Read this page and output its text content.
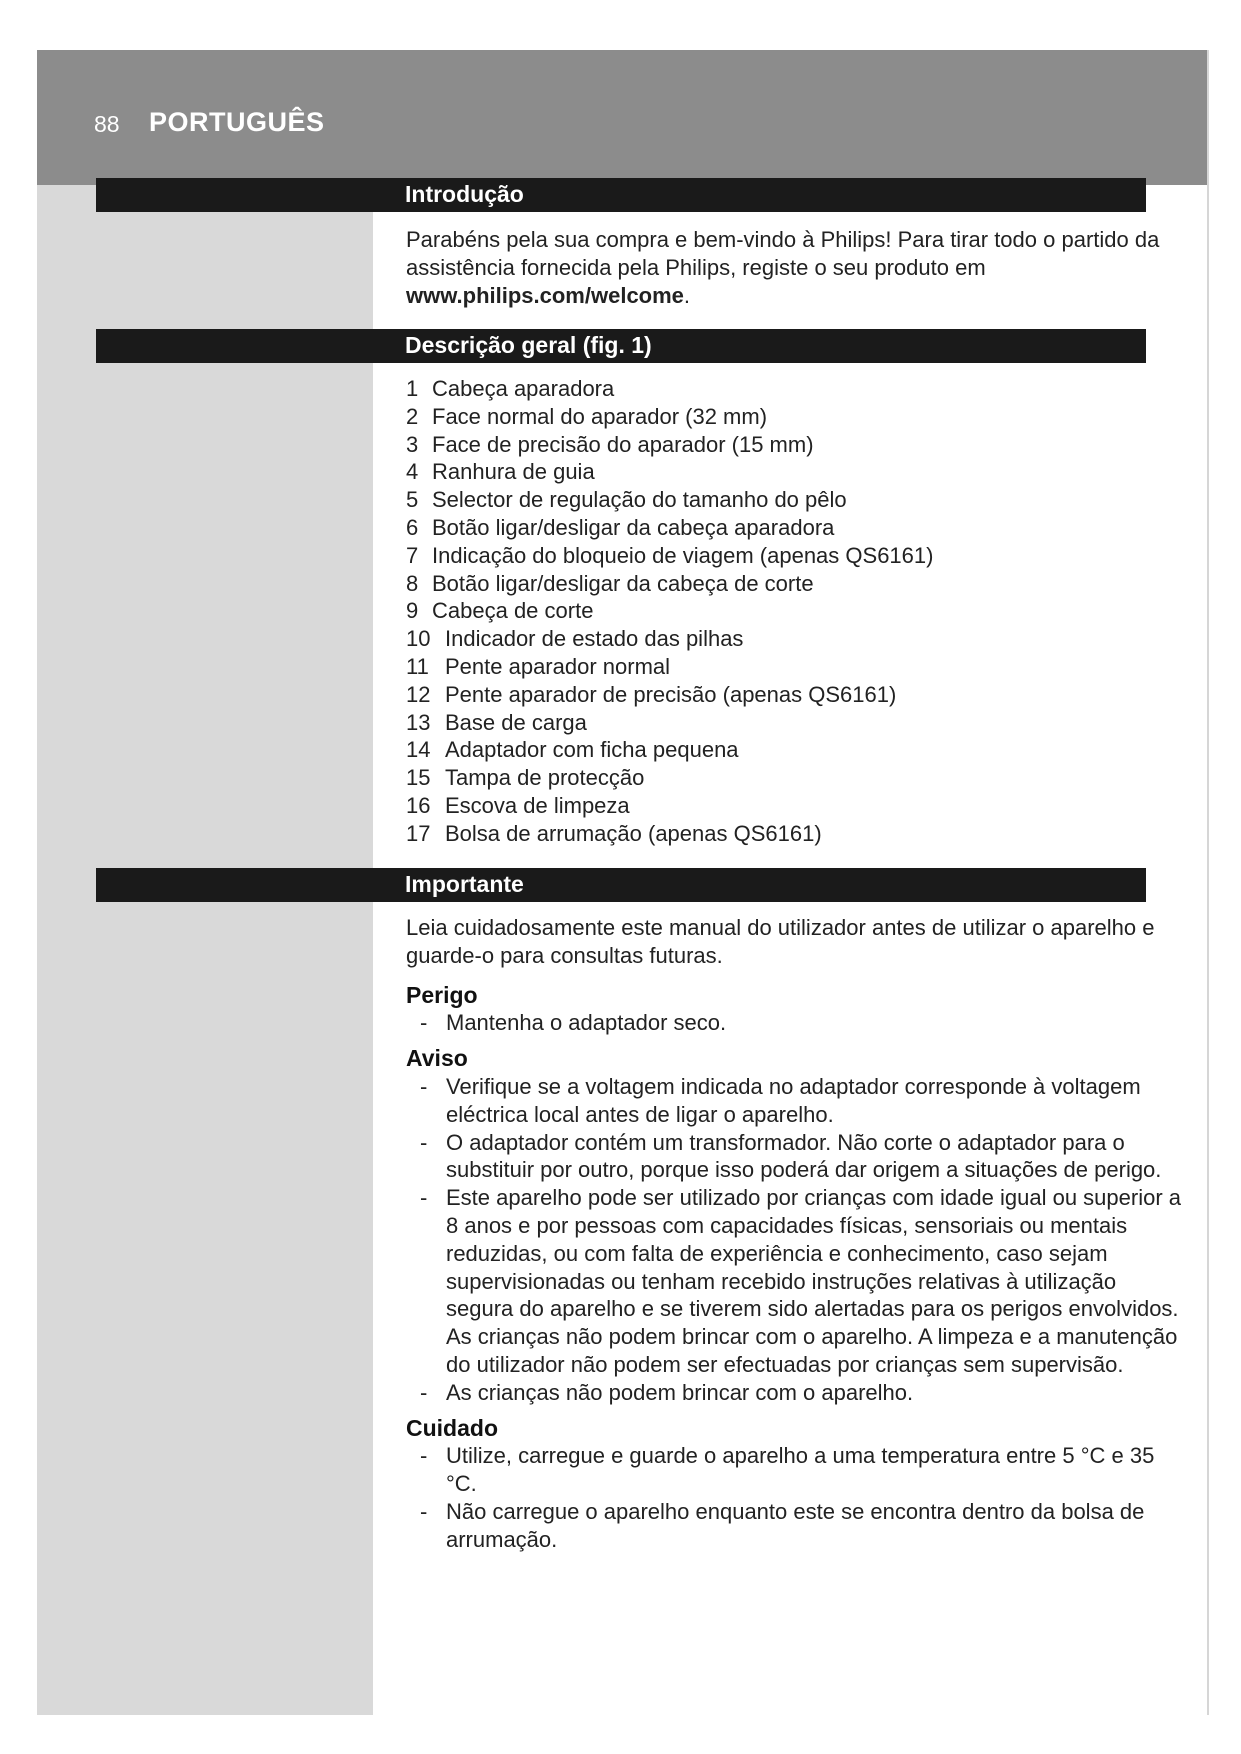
88 PORTUGUÊS
Introdução

Parabéns pela sua compra e bem-vindo à Philips! Para tirar todo o partido da assistência fornecida pela Philips, registe o seu produto em www.philips.com/welcome.

Descrição geral (fig. 1)
1 Cabeça aparadora
2 Face normal do aparador (32 mm)
3 Face de precisão do aparador (15 mm)
4 Ranhura de guia
5 Selector de regulação do tamanho do pêlo
6 Botão ligar/desligar da cabeça aparadora
7 Indicação do bloqueio de viagem (apenas QS6161)
8 Botão ligar/desligar da cabeça de corte
9 Cabeça de corte
10 Indicador de estado das pilhas
11 Pente aparador normal
12 Pente aparador de precisão (apenas QS6161)
13 Base de carga
14 Adaptador com ficha pequena
15 Tampa de protecção
16 Escova de limpeza
17 Bolsa de arrumação (apenas QS6161)
Importante

Leia cuidadosamente este manual do utilizador antes de utilizar o aparelho e guarde-o para consultas futuras.

Perigo

- Mantenha o adaptador seco.

Aviso

- Verifique se a voltagem indicada no adaptador corresponde à voltagem eléctrica local antes de ligar o aparelho.
- O adaptador contém um transformador. Não corte o adaptador para o substituir por outro, porque isso poderá dar origem a situações de perigo.
- Este aparelho pode ser utilizado por crianças com idade igual ou superior a 8 anos e por pessoas com capacidades físicas, sensoriais ou mentais reduzidas, ou com falta de experiência e conhecimento, caso sejam supervisionadas ou tenham recebido instruções relativas à utilização segura do aparelho e se tiverem sido alertadas para os perigos envolvidos. As crianças não podem brincar com o aparelho. A limpeza e a manutenção do utilizador não podem ser efectuadas por crianças sem supervisão.
- As crianças não podem brincar com o aparelho.

Cuidado

- Utilize, carregue e guarde o aparelho a uma temperatura entre 5 °C e 35 °C.
- Não carregue o aparelho enquanto este se encontra dentro da bolsa de arrumação.
